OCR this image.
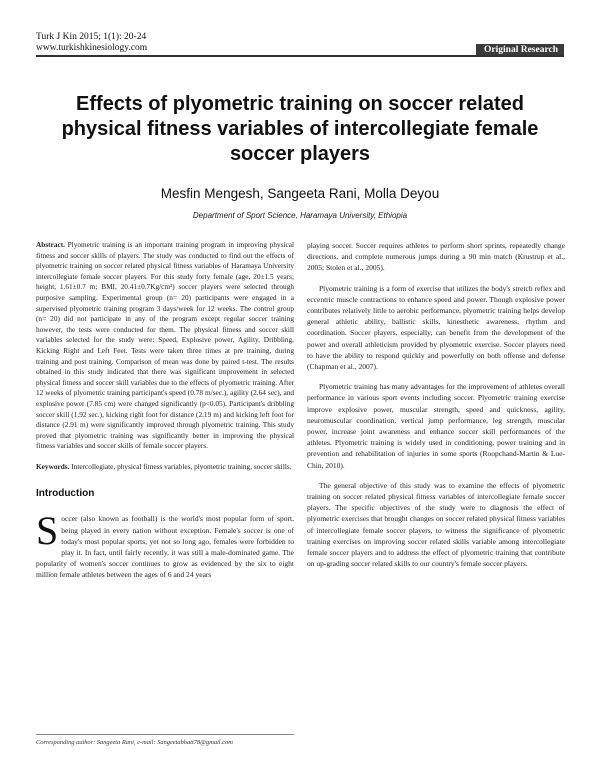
Turk J Kin 2015; 1(1): 20-24
www.turkishkinesiology.com	Original Research
Effects of plyometric training on soccer related physical fitness variables of intercollegiate female soccer players
Mesfin Mengesh, Sangeeta Rani, Molla Deyou
Department of Sport Science, Haramaya University, Ethiopia

Abstract. Plyometric training is an important training program in improving physical fitness and soccer skills of players. The study was conducted to find out the effects of plyometric training on soccer related physical fitness variables of Haramaya University intercollegiate female soccer players. For this study forty female (age, 20±1.5 years; height, 1.61±0.7 m; BMI, 20.41±0.7Kg/cm²) soccer players were selected through purposive sampling. Experimental group (n= 20) participants were engaged in a supervised plyometric training program 3 days/week for 12 weeks. The control group (n= 20) did not participate in any of the program except regular soccer training however, the tests were conducted for them. The physical fitness and soccer skill variables selected for the study were: Speed, Explosive power, Agility, Dribbling, Kicking Right and Left Feet. Tests were taken three times at pre training, during training and post training. Comparison of mean was done by paired t-test. The results obtained in this study indicated that there was significant improvement in selected physical fitness and soccer skill variables due to the effects of plyometric training. After 12 weeks of plyometric training participant's speed (0.78 m/sec.), agility (2.64 sec), and explosive power (7.85 cm) were changed significantly (p<0.05). Participant's dribbling soccer skill (1.92 sec.), kicking right foot for distance (2.19 m) and kicking left foot for distance (2.91 m) were significantly improved through plyometric training. This study proved that plyometric training was significantly better in improving the physical fitness variables and soccer skills of female soccer players.

Keywords. Intercollegiate, physical fitness variables, plyometric training, soccer skills.

Introduction

Soccer (also known as football) is the world's most popular form of sport, being played in every nation without exception. Female's soccer is one of today's most popular sports, yet not so long ago, females were forbidden to play it. In fact, until fairly recently, it was still a male-dominated game. The popularity of women's soccer continues to grow as evidenced by the six to eight million female athletes between the ages of 6 and 24 years

playing soccer. Soccer requires athletes to perform short sprints, repeatedly change directions, and complete numerous jumps during a 90 min match (Krustrup et al., 2005; Stolen et al., 2005).

Plyometric training is a form of exercise that utilizes the body's stretch reflex and eccentric muscle contractions to enhance speed and power. Though explosive power contributes relatively little to aerobic performance, plyometric training helps develop general athletic ability, ballistic skills, kinesthetic awareness, rhythm and coordination. Soccer players, especially, can benefit from the development of the power and overall athleticism provided by plyometric exercise. Soccer players need to have the ability to respond quickly and powerfully on both offense and defense (Chapman et al., 2007).

Plyometric training has many advantages for the improvement of athletes overall performance in various sport events including soccer. Plyometric training exercise improve explosive power, muscular strength, speed and quickness, agility, neuromuscular coordination, vertical jump performance, leg strength, muscular power, increase joint awareness and enhance soccer skill performances of the athletes. Plyometric training is widely used in conditioning, power training and in prevention and rehabilitation of injuries in some sports (Roopchand-Martin & Lue-Chin, 2010).

The general objective of this study was to examine the effects of plyometric training on soccer related physical fitness variables of intercollegiate female soccer players. The specific objectives of the study were to diagnosis the effect of plyometric exercises that brought changes on soccer related physical fitness variables of intercollegiate female soccer players, to witness the significance of plyometric training exercises on improving soccer related skills variable among intercollegiate female soccer players and to address the effect of plyometric training that contribute on up-grading soccer related skills to our country's female soccer players.

Corresponding author: Sangeeta Rani, e-mail: Sangeetabhatt78@gmail.com
